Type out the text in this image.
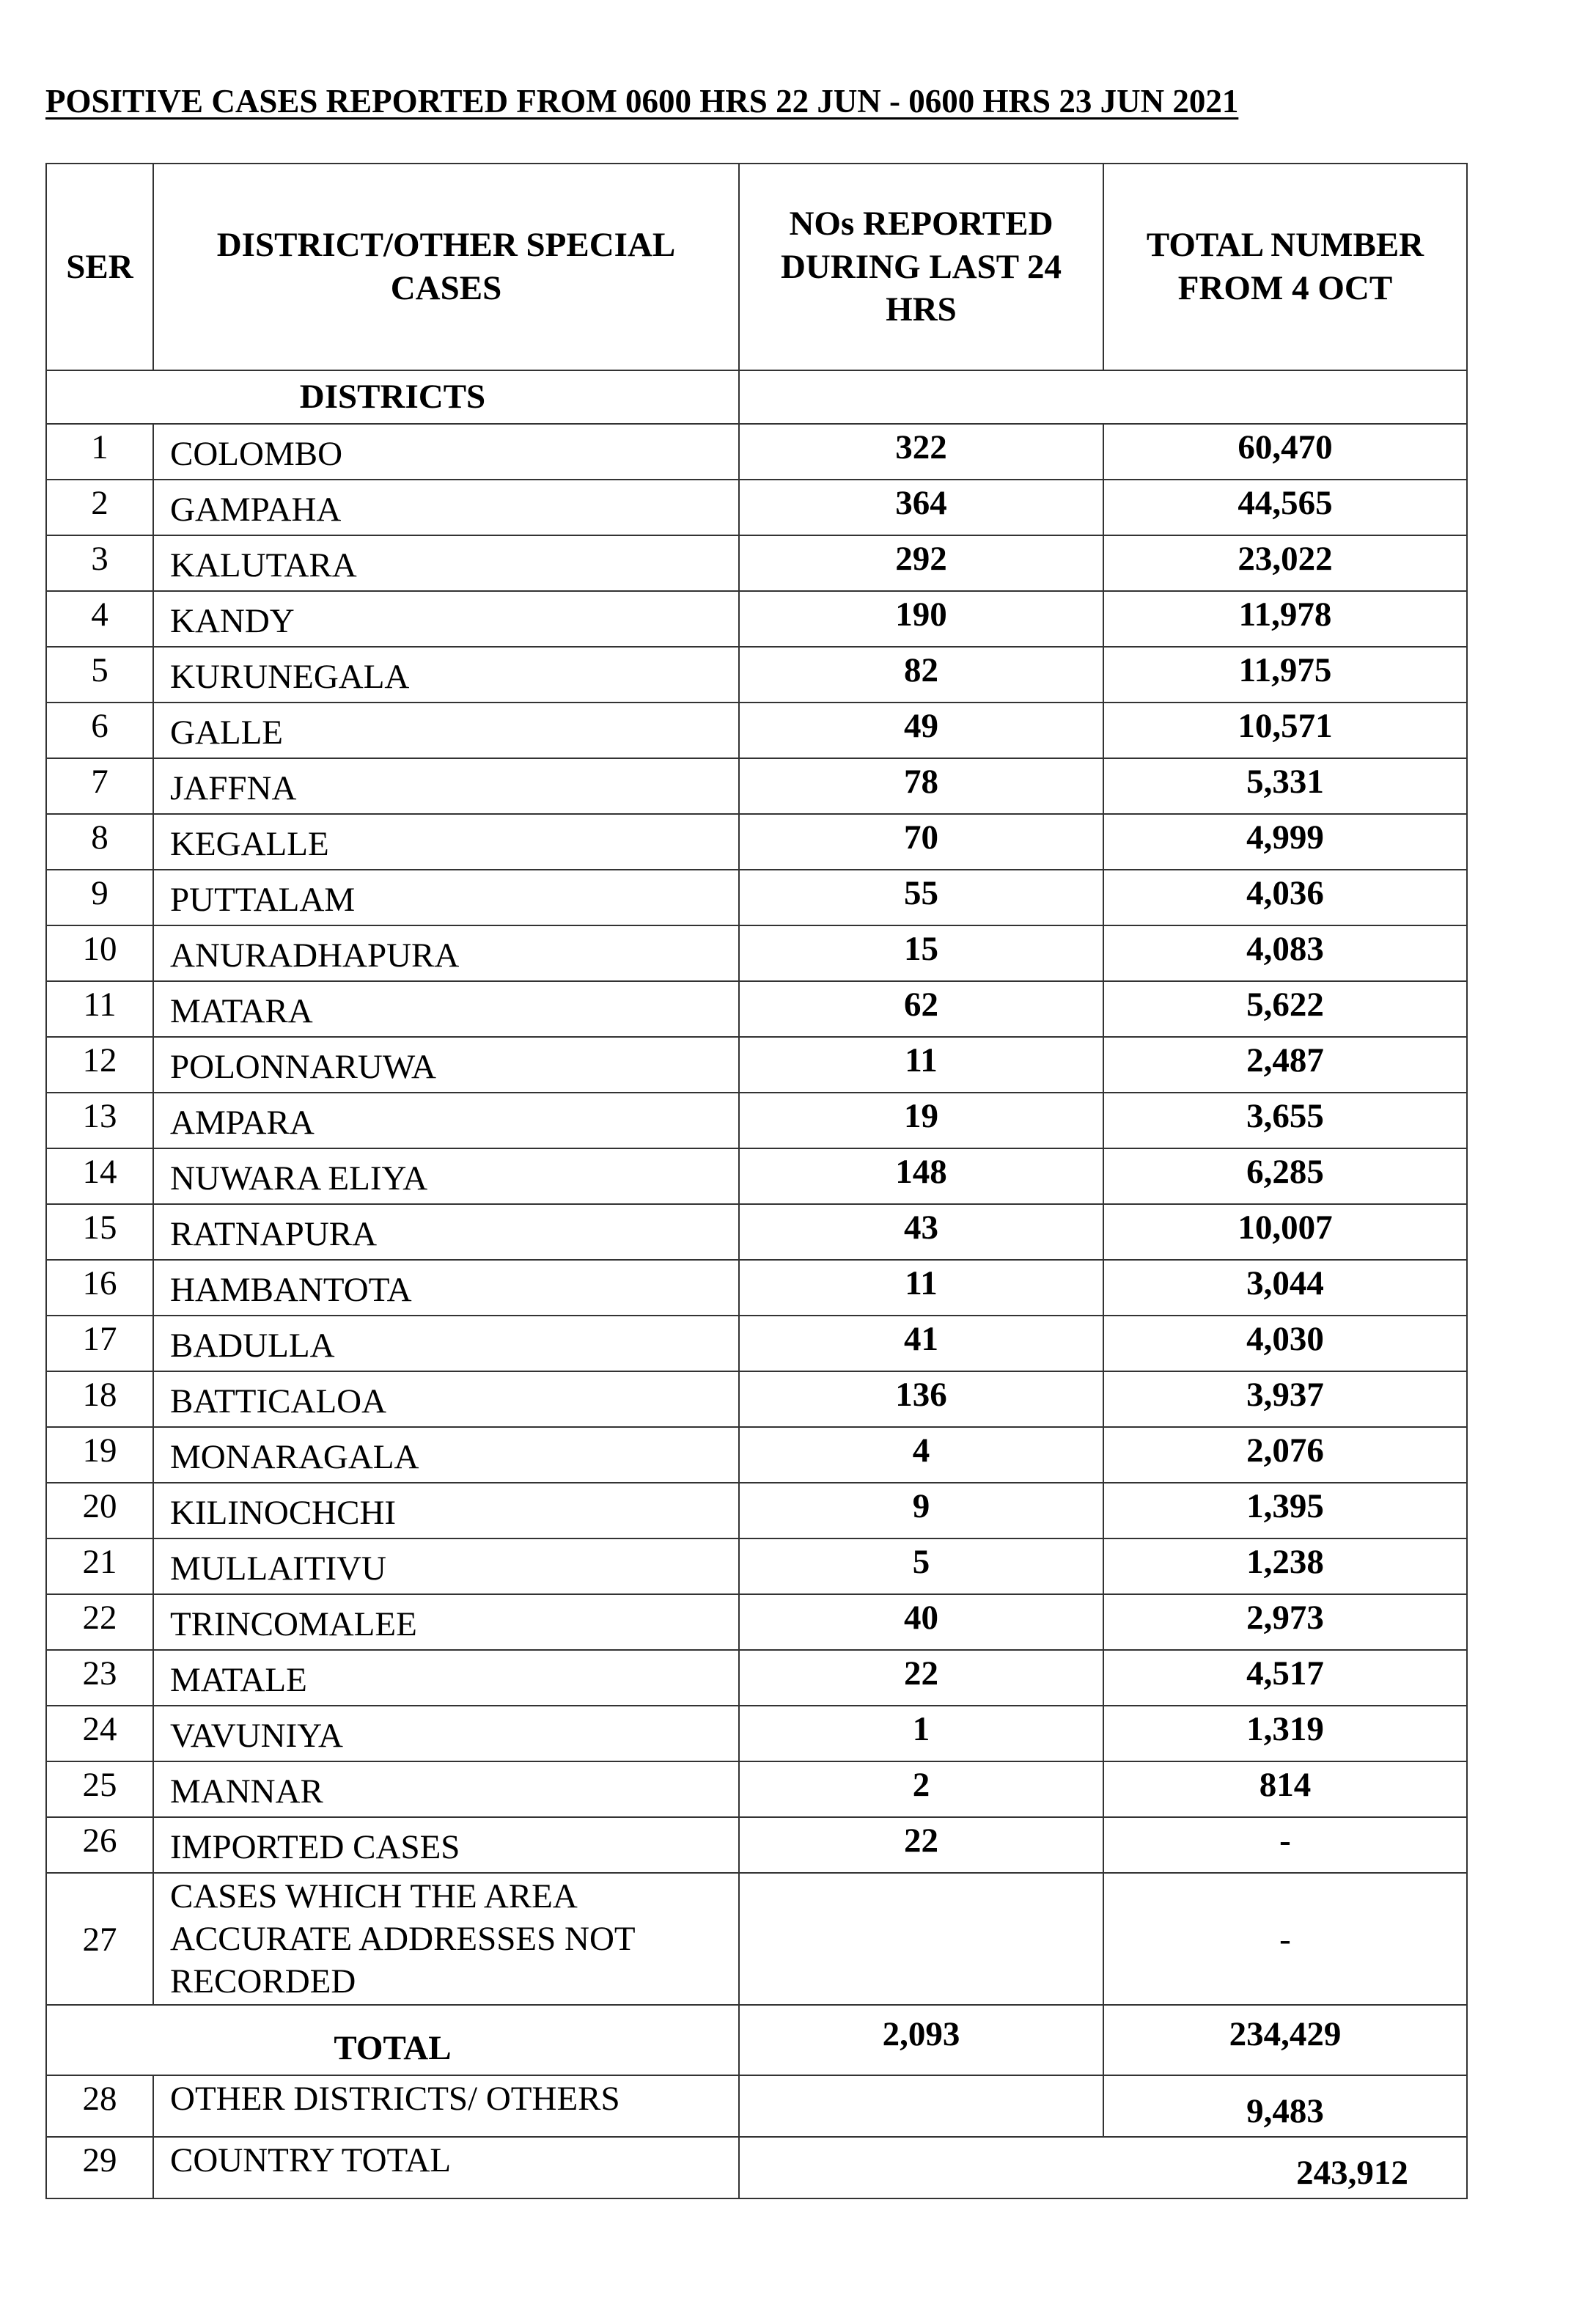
POSITIVE CASES REPORTED FROM 0600 HRS 22 JUN - 0600 HRS 23 JUN 2021
SER	DISTRICT/OTHER SPECIAL CASES	NOs REPORTED DURING LAST 24 HRS	TOTAL NUMBER FROM 4 OCT

DISTRICTS			
1	COLOMBO	322	60,470
2	GAMPAHA	364	44,565
3	KALUTARA	292	23,022
4	KANDY	190	11,978
5	KURUNEGALA	82	11,975
6	GALLE	49	10,571
7	JAFFNA	78	5,331
8	KEGALLE	70	4,999
9	PUTTALAM	55	4,036
10	ANURADHAPURA	15	4,083
11	MATARA	62	5,622
12	POLONNARUWA	11	2,487
13	AMPARA	19	3,655
14	NUWARA ELIYA	148	6,285
15	RATNAPURA	43	10,007
16	HAMBANTOTA	11	3,044
17	BADULLA	41	4,030
18	BATTICALOA	136	3,937
19	MONARAGALA	4	2,076
20	KILINOCHCHI	9	1,395
21	MULLAITIVU	5	1,238
22	TRINCOMALEE	40	2,973
23	MATALE	22	4,517
24	VAVUNIYA	1	1,319
25	MANNAR	2	814
26	IMPORTED CASES	22	-
27	CASES WHICH THE AREA
ACCURATE ADDRESSES NOT
RECORDED		-
TOTAL		2,093	234,429
28	OTHER DISTRICTS/ OTHERS		9,483
29	COUNTRY TOTAL	243,912	
